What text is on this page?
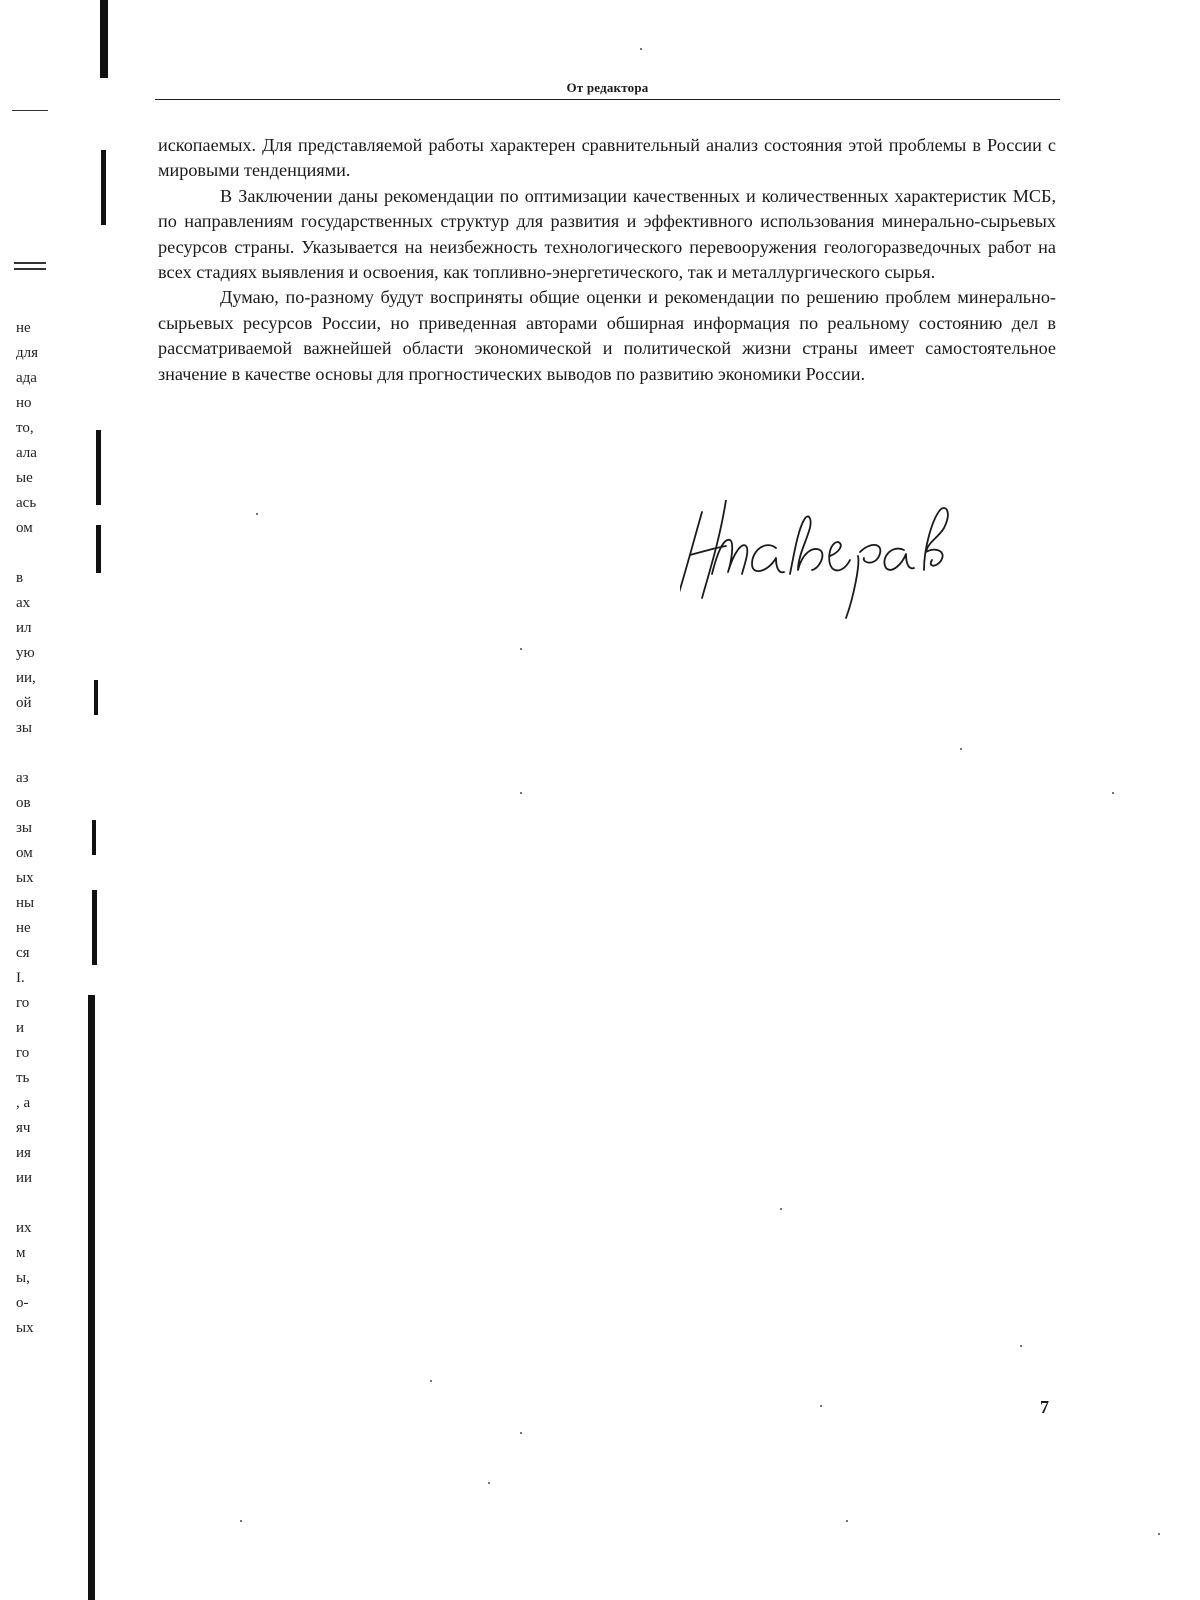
От редактора

ископаемых. Для представляемой работы характерен сравнительный анализ состояния этой проблемы в России с мировыми тенденциями.

В Заключении даны рекомендации по оптимизации качественных и количественных характеристик МСБ, по направлениям государственных структур для развития и эффективного использования минерально-сырьевых ресурсов страны. Указывается на неизбежность технологического перевооружения геологоразведочных работ на всех стадиях выявления и освоения, как топливно-энергетического, так и металлургического сырья.

Думаю, по-разному будут восприняты общие оценки и рекомендации по решению проблем минерально-сырьевых ресурсов России, но приведенная авторами обширная информация по реальному состоянию дел в рассматриваемой важнейшей области экономической и политической жизни страны имеет самостоятельное значение в качестве основы для прогностических выводов по развитию экономики России.

7
не
для
ада
но
то,
ала
ые
ась
ом
в
ах
ил
ую
ии,
ой
зы
аз
ов
зы
ом
ых
ны
не
ся
I.
го
и
го
ть
, а
яч
ия
ии
их
м
ы,
о-
ых
